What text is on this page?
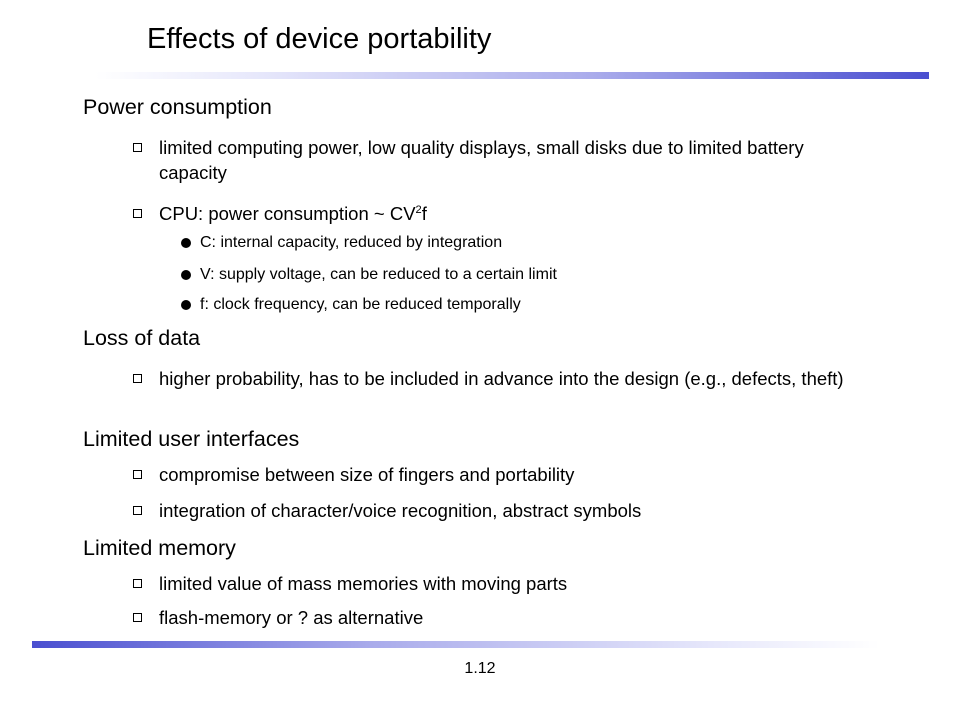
Effects of device portability
Power consumption
limited computing power, low quality displays, small disks due to limited battery capacity
CPU: power consumption ~ $CV^2f$
C: internal capacity, reduced by integration
V: supply voltage, can be reduced to a certain limit
f: clock frequency, can be reduced temporally
Loss of data
higher probability, has to be included in advance into the design (e.g., defects, theft)
Limited user interfaces
compromise between size of fingers and portability
integration of character/voice recognition, abstract symbols
Limited memory
limited value of mass memories with moving parts
flash-memory or ? as alternative
1.12
